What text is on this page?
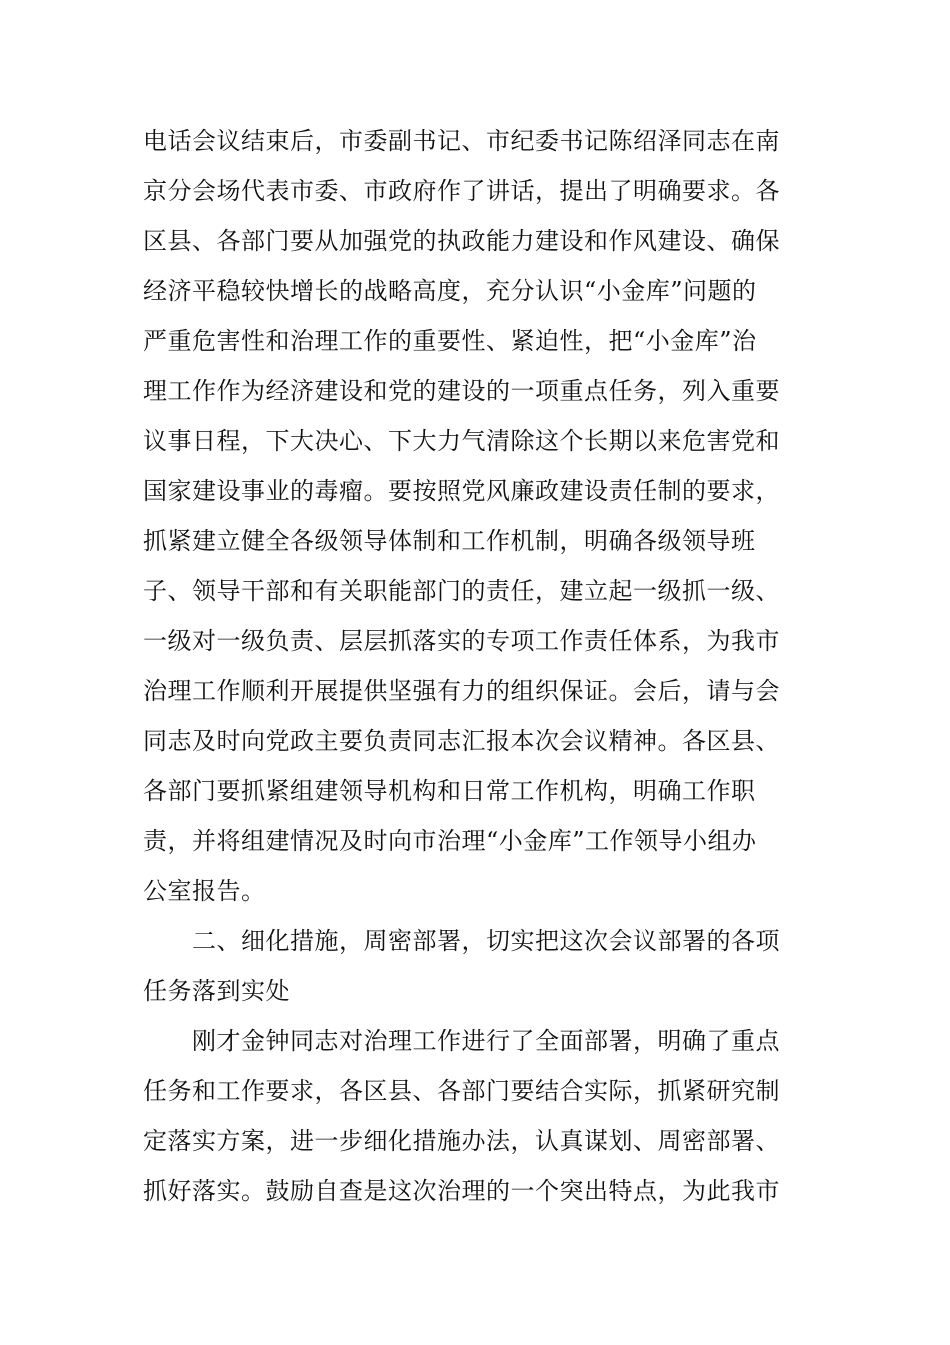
电话会议结束后，市委副书记、市纪委书记陈绍泽同志在南
京分会场代表市委、市政府作了讲话，提出了明确要求。各
区县、各部门要从加强党的执政能力建设和作风建设、确保
经济平稳较快增长的战略高度，充分认识“小金库”问题的
严重危害性和治理工作的重要性、紧迫性，把“小金库”治
理工作作为经济建设和党的建设的一项重点任务，列入重要
议事日程，下大决心、下大力气清除这个长期以来危害党和
国家建设事业的毒瘤。要按照党风廉政建设责任制的要求，
抓紧建立健全各级领导体制和工作机制，明确各级领导班
子、领导干部和有关职能部门的责任，建立起一级抓一级、
一级对一级负责、层层抓落实的专项工作责任体系，为我市
治理工作顺利开展提供坚强有力的组织保证。会后，请与会
同志及时向党政主要负责同志汇报本次会议精神。各区县、
各部门要抓紧组建领导机构和日常工作机构，明确工作职
责，并将组建情况及时向市治理“小金库”工作领导小组办
公室报告。
二、细化措施，周密部署，切实把这次会议部署的各项
任务落到实处
刚才金钟同志对治理工作进行了全面部署，明确了重点
任务和工作要求，各区县、各部门要结合实际，抓紧研究制
定落实方案，进一步细化措施办法，认真谋划、周密部署、
抓好落实。鼓励自查是这次治理的一个突出特点，为此我市
